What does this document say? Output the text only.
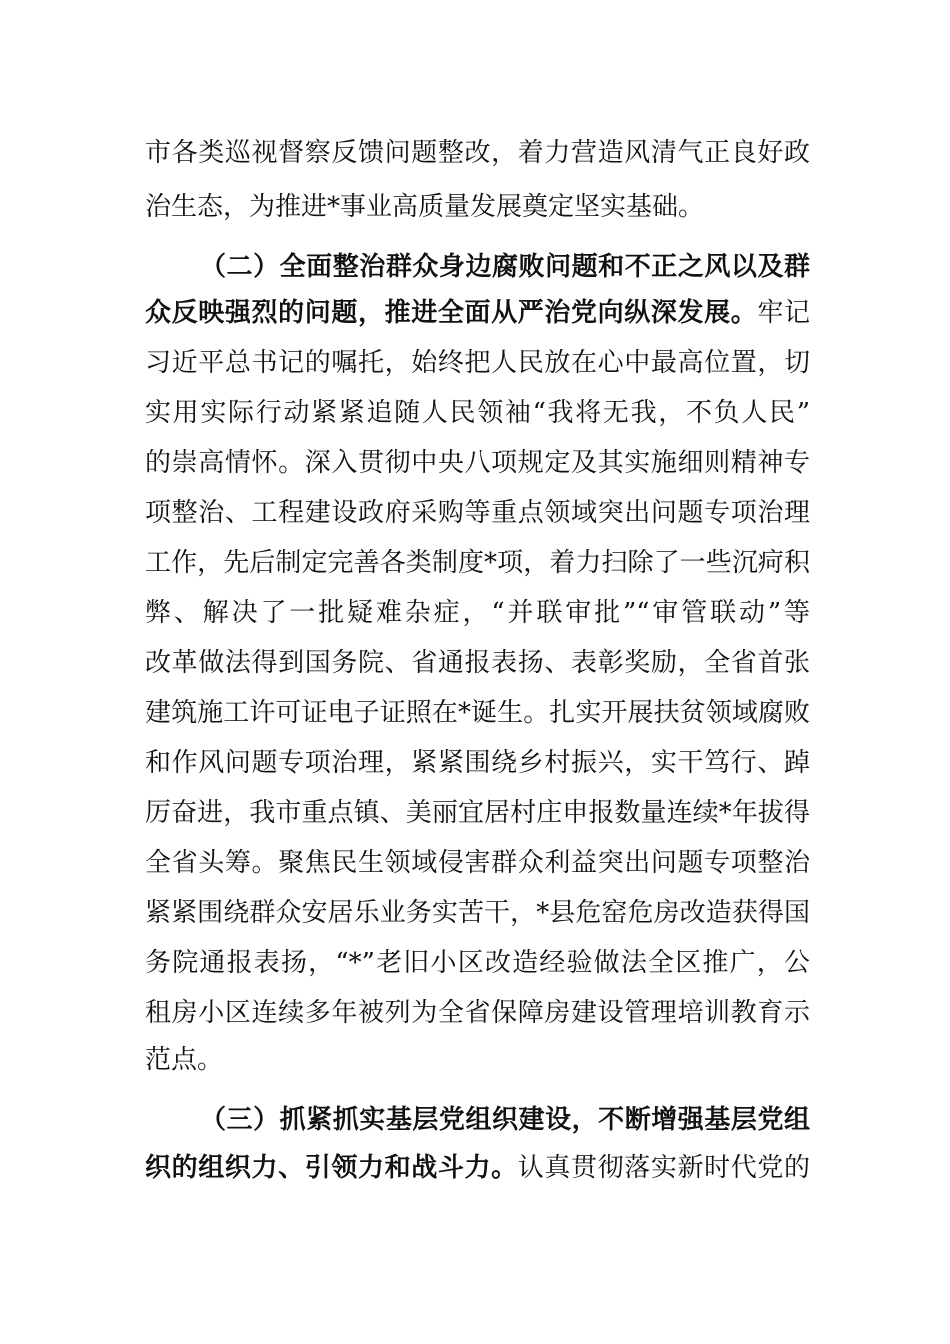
市各类巡视督察反馈问题整改，着力营造风清气正良好政
治生态，为推进*事业高质量发展奠定坚实基础。
（二）全面整治群众身边腐败问题和不正之风以及群
众反映强烈的问题，推进全面从严治党向纵深发展。牢记
习近平总书记的嘱托，始终把人民放在心中最高位置，切
实用实际行动紧紧追随人民领袖“我将无我，不负人民”
的崇高情怀。深入贯彻中央八项规定及其实施细则精神专
项整治、工程建设政府采购等重点领域突出问题专项治理
工作，先后制定完善各类制度*项，着力扫除了一些沉疴积
弊、解决了一批疑难杂症，“并联审批”“审管联动”等
改革做法得到国务院、省通报表扬、表彰奖励，全省首张
建筑施工许可证电子证照在*诞生。扎实开展扶贫领域腐败
和作风问题专项治理，紧紧围绕乡村振兴，实干笃行、踔
厉奋进，我市重点镇、美丽宜居村庄申报数量连续*年拔得
全省头筹。聚焦民生领域侵害群众利益突出问题专项整治
紧紧围绕群众安居乐业务实苦干，*县危窑危房改造获得国
务院通报表扬，“*”老旧小区改造经验做法全区推广，公
租房小区连续多年被列为全省保障房建设管理培训教育示
范点。
（三）抓紧抓实基层党组织建设，不断增强基层党组
织的组织力、引领力和战斗力。认真贯彻落实新时代党的
